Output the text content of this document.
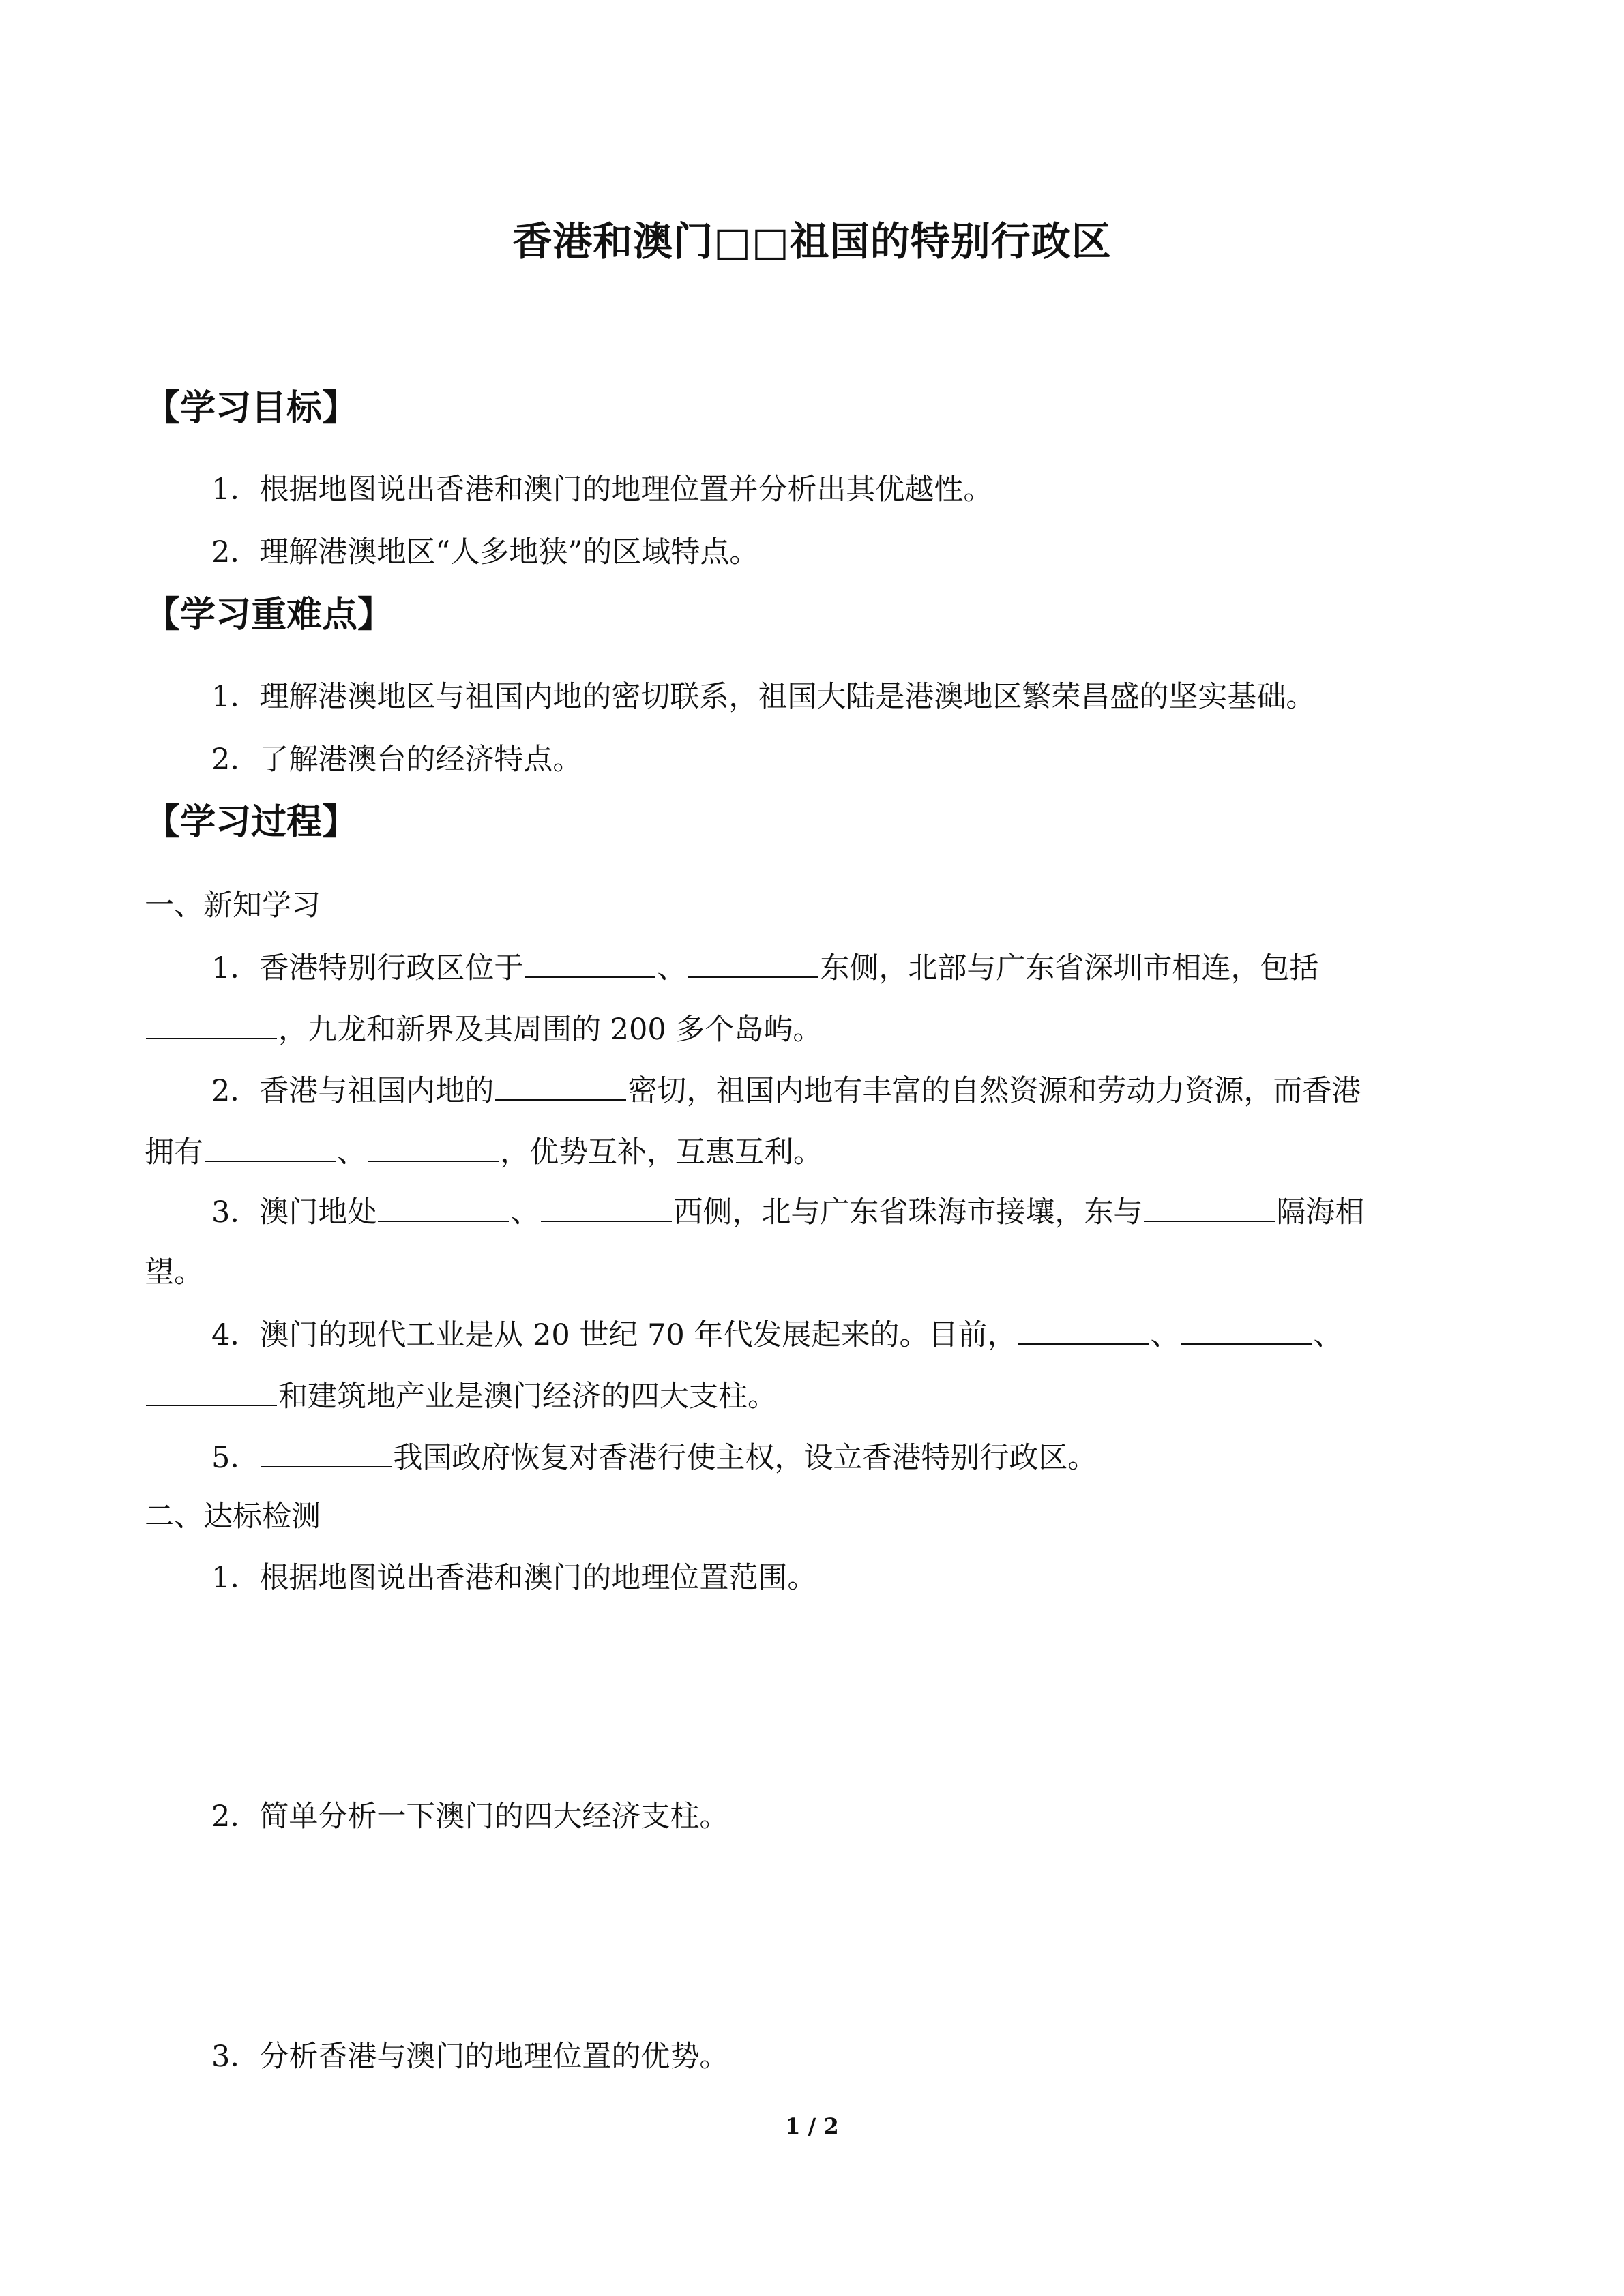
香港和澳门□□祖国的特别行政区
【学习目标】
1．根据地图说出香港和澳门的地理位置并分析出其优越性。
2．理解港澳地区“人多地狭”的区域特点。
【学习重难点】
1．理解港澳地区与祖国内地的密切联系，祖国大陆是港澳地区繁荣昌盛的坚实基础。
2．了解港澳台的经济特点。
【学习过程】
一、新知学习
1．香港特别行政区位于	、	东侧，北部与广东省深圳市相连，包括
，九龙和新界及其周围的 200 多个岛屿。
2．香港与祖国内地的	密切，祖国内地有丰富的自然资源和劳动力资源，而香港
拥有	、	，优势互补，互惠互利。
3．澳门地处	、	西侧，北与广东省珠海市接壤，东与	隔海相
望。
4．澳门的现代工业是从 20 世纪 70 年代发展起来的。目前，	、	、
和建筑地产业是澳门经济的四大支柱。
5．	我国政府恢复对香港行使主权，设立香港特别行政区。
二、达标检测
1．根据地图说出香港和澳门的地理位置范围。
2．简单分析一下澳门的四大经济支柱。
3．分析香港与澳门的地理位置的优势。
1 / 2
